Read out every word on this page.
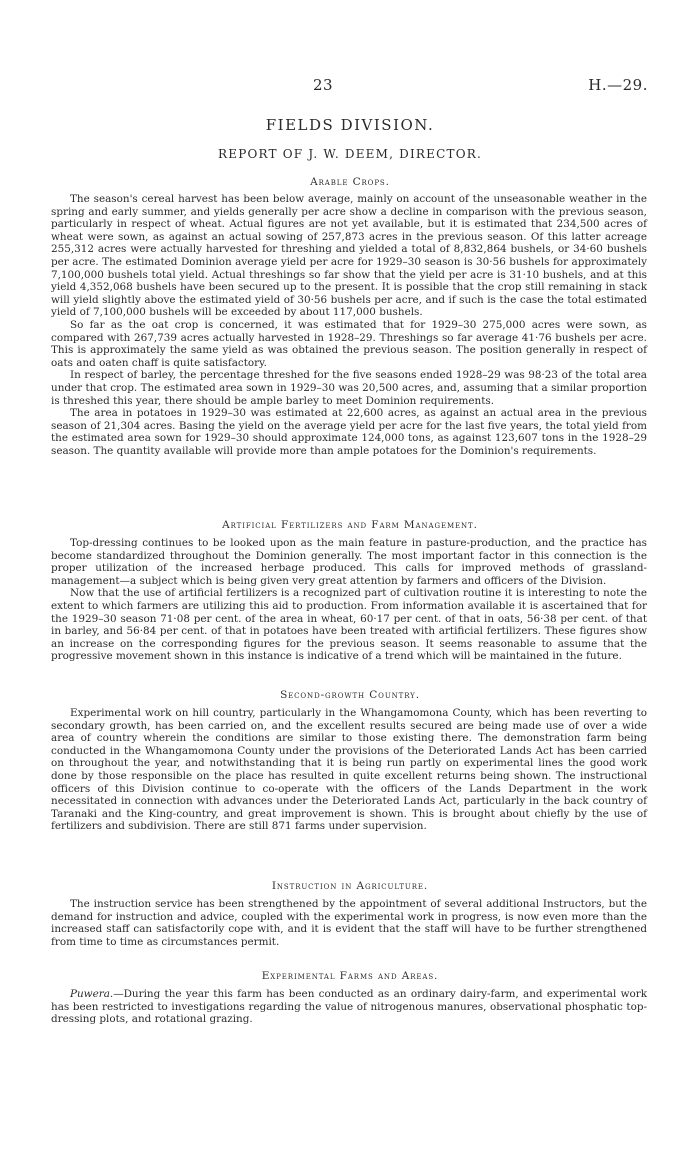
23	H.—29.
FIELDS DIVISION.
REPORT OF J. W. DEEM, DIRECTOR.
Arable Crops.

The season's cereal harvest has been below average, mainly on account of the unseasonable weather in the spring and early summer, and yields generally per acre show a decline in comparison with the previous season, particularly in respect of wheat. Actual figures are not yet available, but it is estimated that 234,500 acres of wheat were sown, as against an actual sowing of 257,873 acres in the previous season. Of this latter acreage 255,312 acres were actually harvested for threshing and yielded a total of 8,832,864 bushels, or 34·60 bushels per acre. The estimated Dominion average yield per acre for 1929–30 season is 30·56 bushels for approximately 7,100,000 bushels total yield. Actual threshings so far show that the yield per acre is 31·10 bushels, and at this yield 4,352,068 bushels have been secured up to the present. It is possible that the crop still remaining in stack will yield slightly above the estimated yield of 30·56 bushels per acre, and if such is the case the total estimated yield of 7,100,000 bushels will be exceeded by about 117,000 bushels.

So far as the oat crop is concerned, it was estimated that for 1929–30 275,000 acres were sown, as compared with 267,739 acres actually harvested in 1928–29. Threshings so far average 41·76 bushels per acre. This is approximately the same yield as was obtained the previous season. The position generally in respect of oats and oaten chaff is quite satisfactory.

In respect of barley, the percentage threshed for the five seasons ended 1928–29 was 98·23 of the total area under that crop. The estimated area sown in 1929–30 was 20,500 acres, and, assuming that a similar proportion is threshed this year, there should be ample barley to meet Dominion requirements.

The area in potatoes in 1929–30 was estimated at 22,600 acres, as against an actual area in the previous season of 21,304 acres. Basing the yield on the average yield per acre for the last five years, the total yield from the estimated area sown for 1929–30 should approximate 124,000 tons, as against 123,607 tons in the 1928–29 season. The quantity available will provide more than ample potatoes for the Dominion's requirements.

Artificial Fertilizers and Farm Management.

Top-dressing continues to be looked upon as the main feature in pasture-production, and the practice has become standardized throughout the Dominion generally. The most important factor in this connection is the proper utilization of the increased herbage produced. This calls for improved methods of grassland-management—a subject which is being given very great attention by farmers and officers of the Division.

Now that the use of artificial fertilizers is a recognized part of cultivation routine it is interesting to note the extent to which farmers are utilizing this aid to production. From information available it is ascertained that for the 1929–30 season 71·08 per cent. of the area in wheat, 60·17 per cent. of that in oats, 56·38 per cent. of that in barley, and 56·84 per cent. of that in potatoes have been treated with artificial fertilizers. These figures show an increase on the corresponding figures for the previous season. It seems reasonable to assume that the progressive movement shown in this instance is indicative of a trend which will be maintained in the future.

Second-growth Country.

Experimental work on hill country, particularly in the Whangamomona County, which has been reverting to secondary growth, has been carried on, and the excellent results secured are being made use of over a wide area of country wherein the conditions are similar to those existing there. The demonstration farm being conducted in the Whangamomona County under the provisions of the Deteriorated Lands Act has been carried on throughout the year, and notwithstanding that it is being run partly on experimental lines the good work done by those responsible on the place has resulted in quite excellent returns being shown. The instructional officers of this Division continue to co-operate with the officers of the Lands Department in the work necessitated in connection with advances under the Deteriorated Lands Act, particularly in the back country of Taranaki and the King-country, and great improvement is shown. This is brought about chiefly by the use of fertilizers and subdivision. There are still 871 farms under supervision.

Instruction in Agriculture.

The instruction service has been strengthened by the appointment of several additional Instructors, but the demand for instruction and advice, coupled with the experimental work in progress, is now even more than the increased staff can satisfactorily cope with, and it is evident that the staff will have to be further strengthened from time to time as circumstances permit.

Experimental Farms and Areas.

Puwera.—During the year this farm has been conducted as an ordinary dairy-farm, and experimental work has been restricted to investigations regarding the value of nitrogenous manures, observational phosphatic top-dressing plots, and rotational grazing.
